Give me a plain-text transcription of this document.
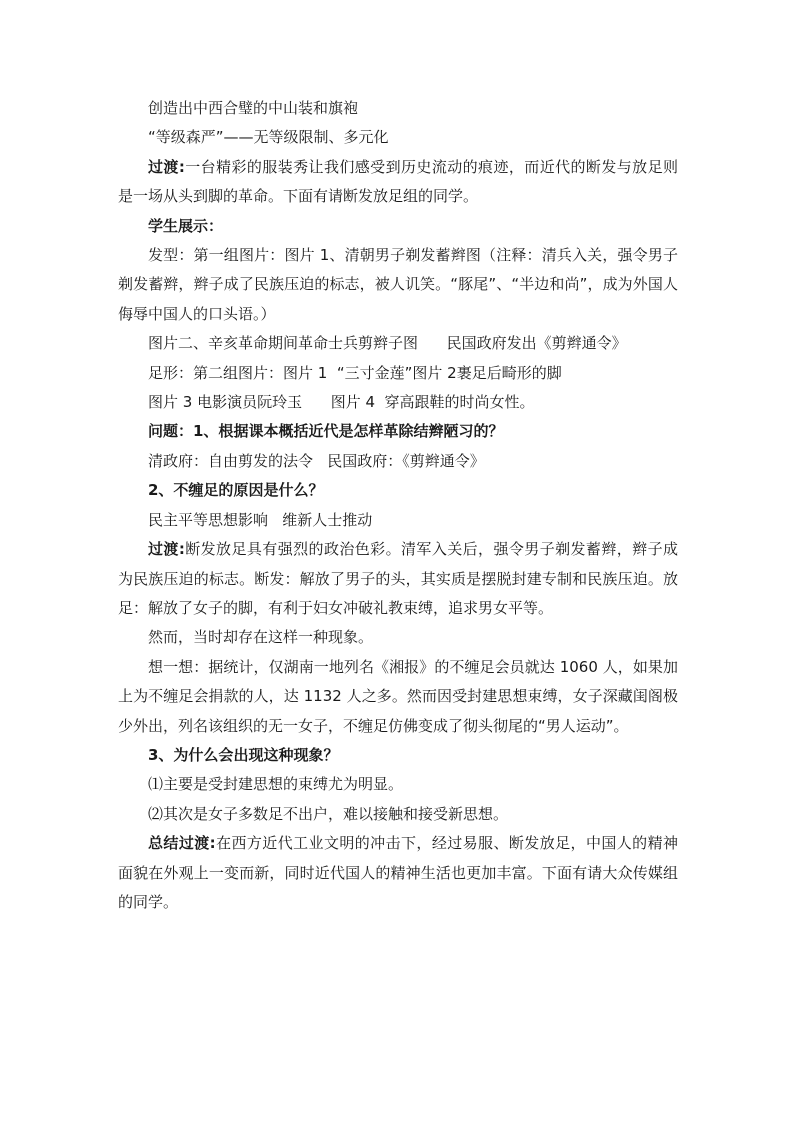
创造出中西合璧的中山装和旗袍

“等级森严”——无等级限制、多元化

过渡:一台精彩的服装秀让我们感受到历史流动的痕迹，而近代的断发与放足则是一场从头到脚的革命。下面有请断发放足组的同学。

学生展示：

发型：第一组图片：图片 1、清朝男子剃发蓄辫图（注释：清兵入关，强令男子剃发蓄辫，辫子成了民族压迫的标志，被人讥笑。“豚尾”、“半边和尚”，成为外国人侮辱中国人的口头语。）

图片二、辛亥革命期间革命士兵剪辫子图      民国政府发出《剪辫通令》

足形：第二组图片：图片 1  “三寸金莲”图片 2裹足后畸形的脚

图片 3 电影演员阮玲玉      图片 4  穿高跟鞋的时尚女性。

问题：1、根据课本概括近代是怎样革除结辫陋习的？

清政府：自由剪发的法令   民国政府：《剪辫通令》

2、不缠足的原因是什么？

民主平等思想影响   维新人士推动

过渡:断发放足具有强烈的政治色彩。清军入关后，强令男子剃发蓄辫，辫子成为民族压迫的标志。断发：解放了男子的头，其实质是摆脱封建专制和民族压迫。放足：解放了女子的脚，有利于妇女冲破礼教束缚，追求男女平等。

然而，当时却存在这样一种现象。

想一想：据统计，仅湖南一地列名《湘报》的不缠足会员就达 1060 人，如果加上为不缠足会捐款的人，达 1132 人之多。然而因受封建思想束缚，女子深藏闺阁极少外出，列名该组织的无一女子，不缠足仿佛变成了彻头彻尾的“男人运动”。

3、为什么会出现这种现象？

⑴主要是受封建思想的束缚尤为明显。

⑵其次是女子多数足不出户，难以接触和接受新思想。

总结过渡:在西方近代工业文明的冲击下，经过易服、断发放足，中国人的精神面貌在外观上一变而新，同时近代国人的精神生活也更加丰富。下面有请大众传媒组的同学。
